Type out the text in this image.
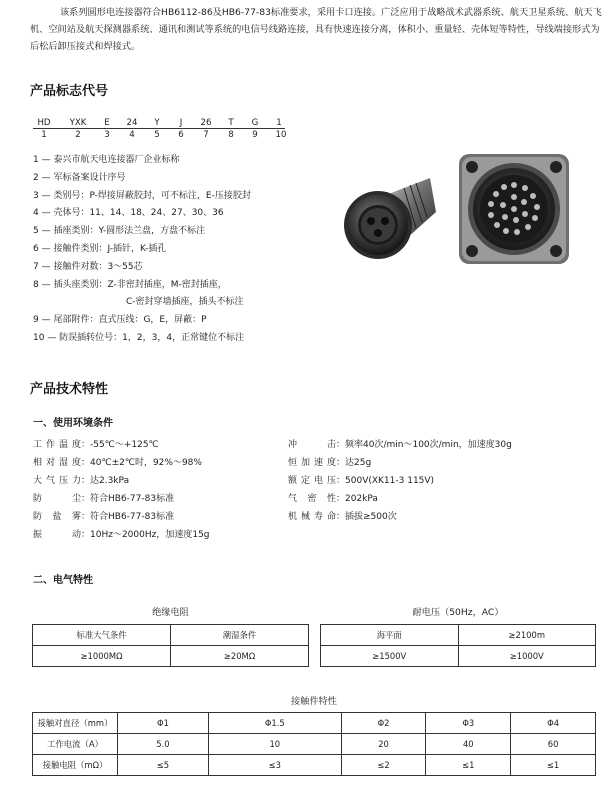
该系列圆形电连接器符合HB6112-86及HB6-77-83标准要求，采用卡口连接。广泛应用于战略战术武器系统、航天卫星系统、航天飞机、空间站及航天探测器系统、通讯和测试等系统的电信号线路连接，具有快速连接分离，体积小、重量轻、壳体短等特性，导线端接形式为后松后卸压接式和焊接式。
产品标志代号
HD	YXK	E	24	Y	J	26	T	G	1
1	2	3	4	5	6	7	8	9	10
1 — 泰兴市航天电连接器厂企业标称
2 — 军标备案设计序号
3 — 类别号：P-焊接屏蔽胶封，可不标注，E-压接胶封
4 — 壳体号：11、14、18、24、27、30、36
5 — 插座类别：Y-圆形法兰盘，方盘不标注
6 — 接触件类别：J-插针，K-插孔
7 — 接触件对数：3～55芯
8 — 插头座类别：Z-非密封插座，M-密封插座，
C-密封穿墙插座，插头不标注
9 — 尾部附件：直式压线：G，E，屏蔽：P
10 — 防误插转位号：1，2，3，4，正常键位不标注
产品技术特性
一、使用环境条件
工作温度：-55℃～+125℃
相对湿度：40℃±2℃时，92%～98%
大气压力：达2.3kPa
防　　尘：符合HB6-77-83标准
防 盐 雾：符合HB6-77-83标准
振　　动：10Hz～2000Hz，加速度15g
冲　　击：频率40次/min～100次/min，加速度30g
恒加速度：达25g
额定电压：500V(XK11-3 115V)
气 密 性：202kPa
机械寿命：插拔≥500次
二、电气特性
绝缘电阻
标准大气条件	潮湿条件
≥1000MΩ	≥20MΩ
耐电压（50Hz，AC）
海平面	≥2100m
≥1500V	≥1000V
接触件特性
接触对直径（mm）	Φ1	Φ1.5	Φ2	Φ3	Φ4
工作电流（A）	5.0	10	20	40	60
接触电阻（mΩ）	≤5	≤3	≤2	≤1	≤1
